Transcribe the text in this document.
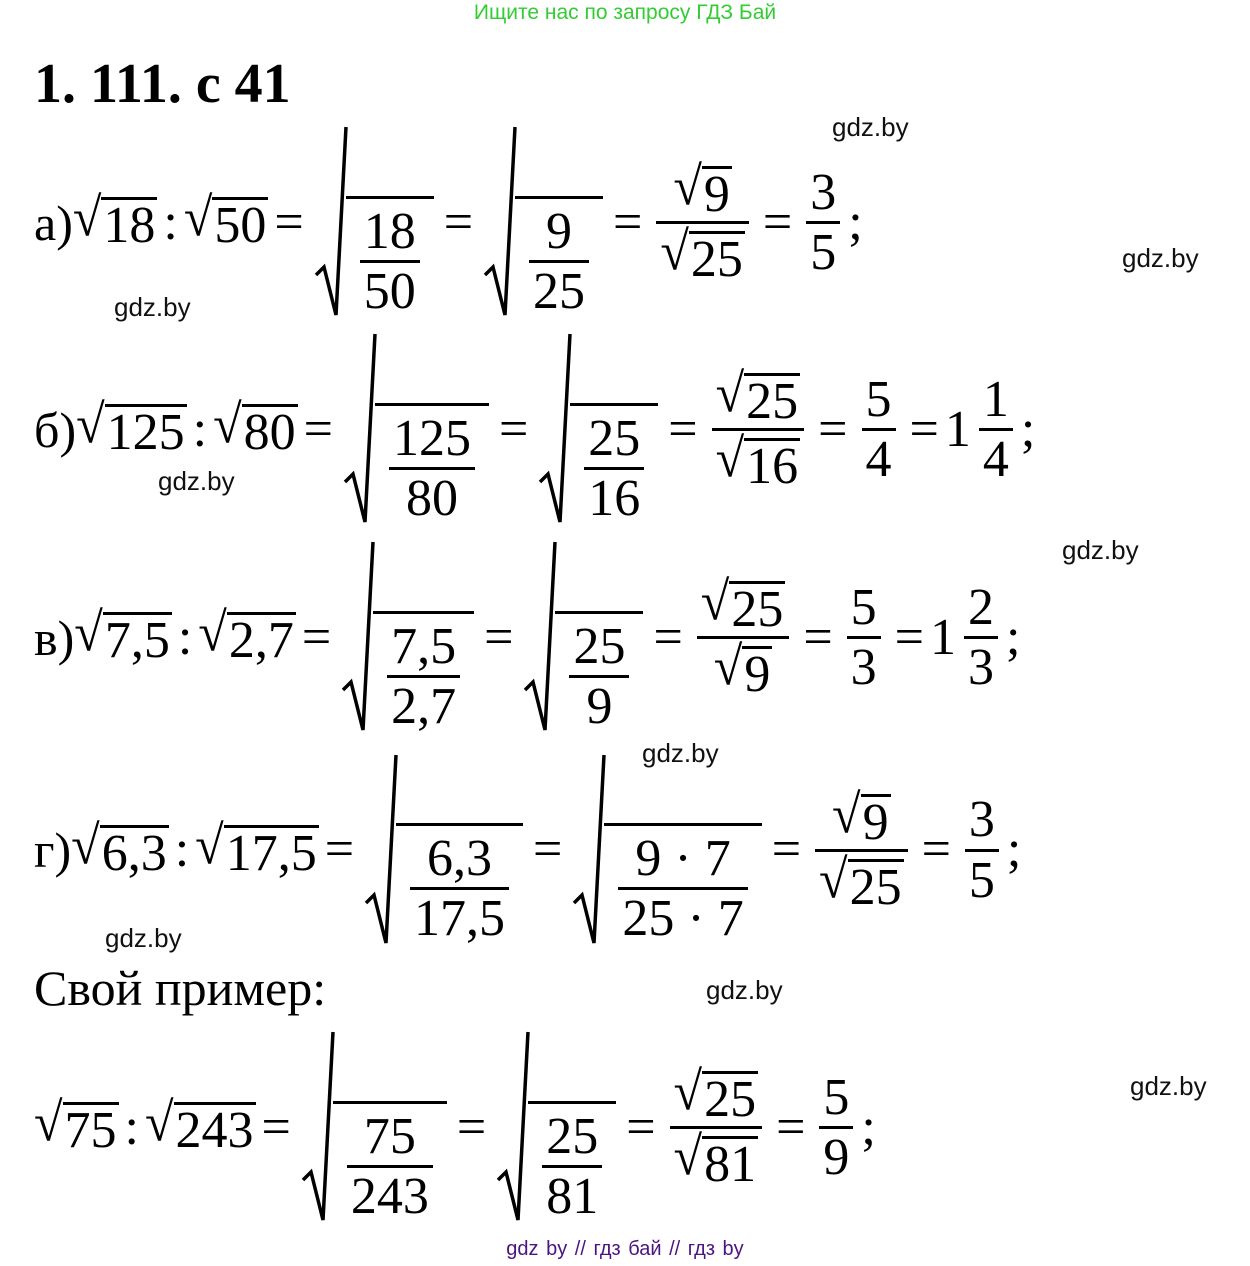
Ищите нас по запросу ГДЗ Бай
1. 111. с 41
gdz.by
gdz.by
gdz.by
gdz.by
gdz.by
gdz.by
gdz.by
gdz.by
gdz.by
а) √ 18 : √ $50 = \frac{18}{50} = \frac{9}{25} = \frac{√ 9}{√ 25} = \frac{3}{5}$ ;
б) √ 125 : √ $80 = \frac{125}{80} = \frac{25}{16} = \frac{√ 25}{√ 16} = \frac{5}{4} = 1 \frac{1}{4}$ ;
в) √ 7,5 : √ $2,7 = \frac{7,5}{2,7} = \frac{25}{9} = \frac{√ 25}{√ 9} = \frac{5}{3} = 1 \frac{2}{3}$ ;
г) √ 6,3 : √ $17,5 = \frac{6,3}{17,5} = \frac{9 \cdot 7}{25 \cdot 7} = \frac{√ 9}{√ 25} = \frac{3}{5}$ ;
Свой пример:
√ 75 : √ $243 = \frac{75}{243} = \frac{25}{81} = \frac{√ 25}{√ 81} = \frac{5}{9}$ ;
gdz by // гдз бай // гдз by
